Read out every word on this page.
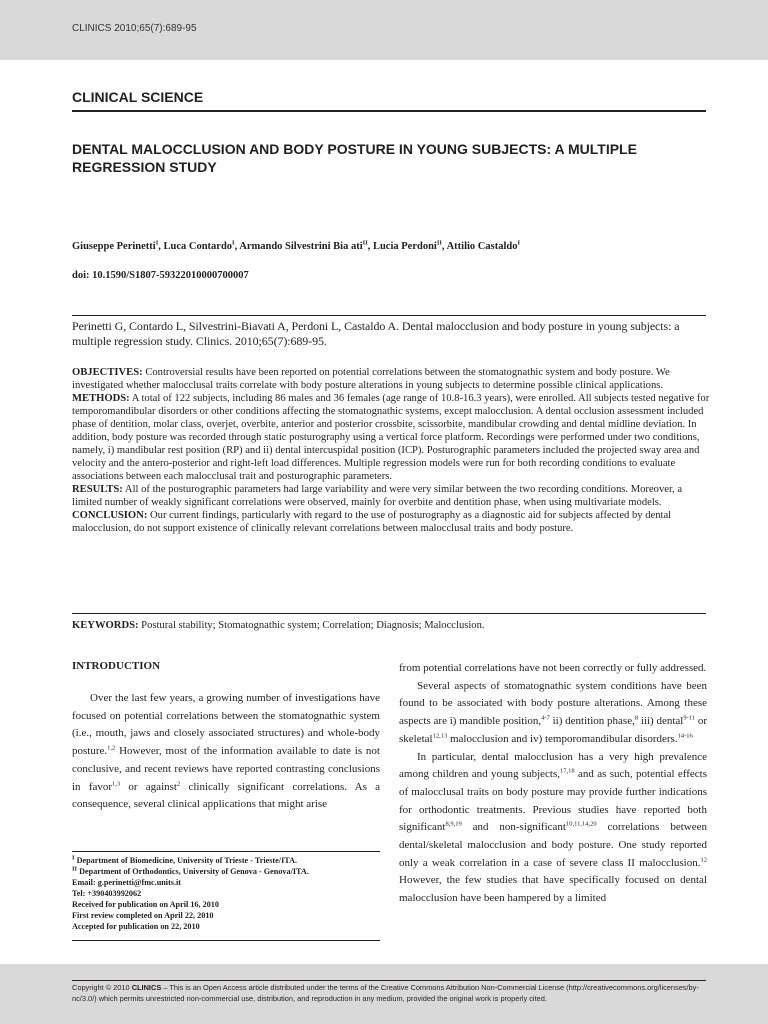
CLINICS 2010;65(7):689-95
CLINICAL SCIENCE
DENTAL MALOCCLUSION AND BODY POSTURE IN YOUNG SUBJECTS: A MULTIPLE REGRESSION STUDY
Giuseppe Perinetti$^I$, Luca Contardo$^I$, Armando Silvestrini Bia ati$^{II}$, Lucia Perdoni$^{II}$, Attilio Castaldo$^I$
doi: 10.1590/S1807-59322010000700007
Perinetti G, Contardo L, Silvestrini-Biavati A, Perdoni L, Castaldo A. Dental malocclusion and body posture in young subjects: a multiple regression study. Clinics. 2010;65(7):689-95.

OBJECTIVES: Controversial results have been reported on potential correlations between the stomatognathic system and body posture. We investigated whether malocclusal traits correlate with body posture alterations in young subjects to determine possible clinical applications.

METHODS: A total of 122 subjects, including 86 males and 36 females (age range of 10.8-16.3 years), were enrolled. All subjects tested negative for temporomandibular disorders or other conditions affecting the stomatognathic systems, except malocclusion. A dental occlusion assessment included phase of dentition, molar class, overjet, overbite, anterior and posterior crossbite, scissorbite, mandibular crowding and dental midline deviation. In addition, body posture was recorded through static posturography using a vertical force platform. Recordings were performed under two conditions, namely, i) mandibular rest position (RP) and ii) dental intercuspidal position (ICP). Posturographic parameters included the projected sway area and velocity and the antero-posterior and right-left load differences. Multiple regression models were run for both recording conditions to evaluate associations between each malocclusal trait and posturographic parameters.

RESULTS: All of the posturographic parameters had large variability and were very similar between the two recording conditions. Moreover, a limited number of weakly significant correlations were observed, mainly for overbite and dentition phase, when using multivariate models.

CONCLUSION: Our current findings, particularly with regard to the use of posturography as a diagnostic aid for subjects affected by dental malocclusion, do not support existence of clinically relevant correlations between malocclusal traits and body posture.

KEYWORDS: Postural stability; Stomatognathic system; Correlation; Diagnosis; Malocclusion.
INTRODUCTION

Over the last few years, a growing number of investigations have focused on potential correlations between the stomatognathic system (i.e., mouth, jaws and closely associated structures) and whole-body posture.$^{1,2}$ However, most of the information available to date is not conclusive, and recent reviews have reported contrasting conclusions in favor$^{1,3}$ or against$^2$ clinically significant correlations. As a consequence, several clinical applications that might arise

$^I$ Department of Biomedicine, University of Trieste - Trieste/ITA.
$^{II}$ Department of Orthodontics, University of Genova - Genova/ITA.
Email: g.perinetti@fmc.units.it
Tel: +390403992062
Received for publication on April 16, 2010
First review completed on April 22, 2010
Accepted for publication on 22, 2010

from potential correlations have not been correctly or fully addressed.

Several aspects of stomatognathic system conditions have been found to be associated with body posture alterations. Among these aspects are i) mandible position,$^{4-7}$ ii) dentition phase,$^8$ iii) dental$^{9-11}$ or skeletal$^{12,13}$ malocclusion and iv) temporomandibular disorders.$^{14-16}$

In particular, dental malocclusion has a very high prevalence among children and young subjects,$^{17,18}$ and as such, potential effects of malocclusal traits on body posture may provide further indications for orthodontic treatments. Previous studies have reported both significant$^{8,9,19}$ and non-significant$^{10,11,14,20}$ correlations between dental/skeletal malocclusion and body posture. One study reported only a weak correlation in a case of severe class II malocclusion.$^{12}$ However, the few studies that have specifically focused on dental malocclusion have been hampered by a limited

Copyright © 2010 CLINICS – This is an Open Access article distributed under the terms of the Creative Commons Attribution Non-Commercial License (http://creativecommons.org/licenses/by-nc/3.0/) which permits unrestricted non-commercial use, distribution, and reproduction in any medium, provided the original work is properly cited.
